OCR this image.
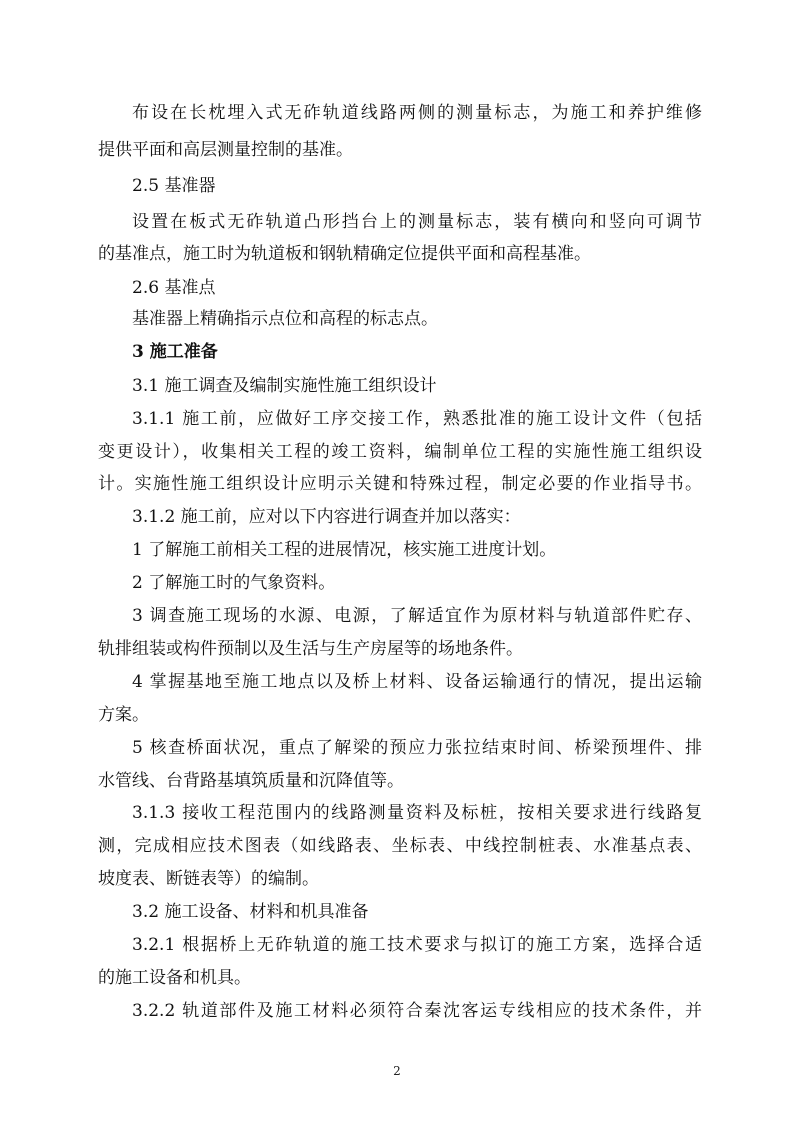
布设在长枕埋入式无砟轨道线路两侧的测量标志，为施工和养护维修
提供平面和高层测量控制的基准。
2.5 基准器
设置在板式无砟轨道凸形挡台上的测量标志，装有横向和竖向可调节
的基准点，施工时为轨道板和钢轨精确定位提供平面和高程基准。
2.6 基准点
基准器上精确指示点位和高程的标志点。
3 施工准备
3.1 施工调查及编制实施性施工组织设计
3.1.1 施工前，应做好工序交接工作，熟悉批准的施工设计文件（包括
变更设计），收集相关工程的竣工资料，编制单位工程的实施性施工组织设
计。实施性施工组织设计应明示关键和特殊过程，制定必要的作业指导书。
3.1.2 施工前，应对以下内容进行调查并加以落实：
1 了解施工前相关工程的进展情况，核实施工进度计划。
2 了解施工时的气象资料。
3 调查施工现场的水源、电源，了解适宜作为原材料与轨道部件贮存、
轨排组装或构件预制以及生活与生产房屋等的场地条件。
4 掌握基地至施工地点以及桥上材料、设备运输通行的情况，提出运输
方案。
5 核查桥面状况，重点了解梁的预应力张拉结束时间、桥梁预埋件、排
水管线、台背路基填筑质量和沉降值等。
3.1.3 接收工程范围内的线路测量资料及标桩，按相关要求进行线路复
测，完成相应技术图表（如线路表、坐标表、中线控制桩表、水准基点表、
坡度表、断链表等）的编制。
3.2 施工设备、材料和机具准备
3.2.1 根据桥上无砟轨道的施工技术要求与拟订的施工方案，选择合适
的施工设备和机具。
3.2.2 轨道部件及施工材料必须符合秦沈客运专线相应的技术条件，并
2
